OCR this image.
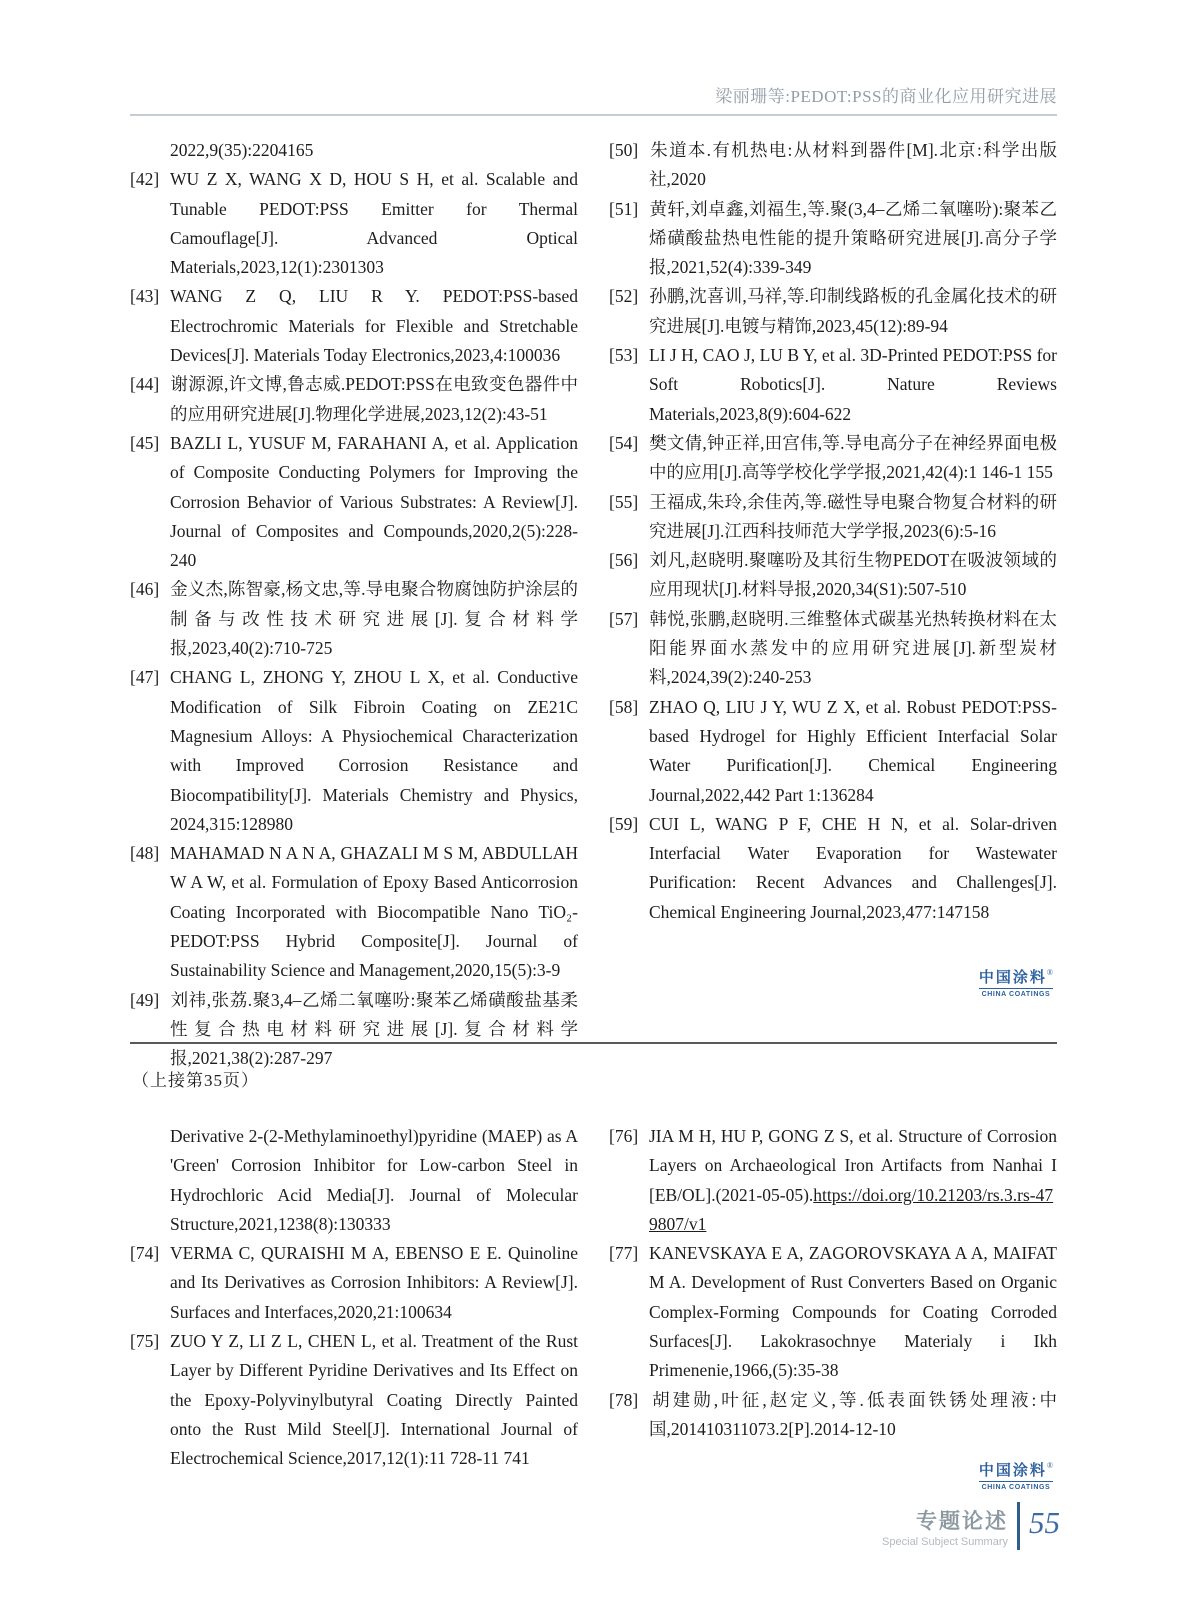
梁丽珊等:PEDOT:PSS的商业化应用研究进展

2022,9(35):2204165

[42] WU Z X, WANG X D, HOU S H, et al. Scalable and Tunable PEDOT:PSS Emitter for Thermal Camouflage[J]. Advanced Optical Materials,2023,12(1):2301303

[43] WANG Z Q, LIU R Y. PEDOT:PSS-based Electrochromic Materials for Flexible and Stretchable Devices[J]. Materials Today Electronics,2023,4:100036

[44] 谢源源,许文博,鲁志威.PEDOT:PSS在电致变色器件中的应用研究进展[J].物理化学进展,2023,12(2):43-51

[45] BAZLI L, YUSUF M, FARAHANI A, et al. Application of Composite Conducting Polymers for Improving the Corrosion Behavior of Various Substrates: A Review[J]. Journal of Composites and Compounds,2020,2(5):228-240

[46] 金义杰,陈智豪,杨文忠,等.导电聚合物腐蚀防护涂层的制备与改性技术研究进展[J].复合材料学报,2023,40(2):710-725

[47] CHANG L, ZHONG Y, ZHOU L X, et al. Conductive Modification of Silk Fibroin Coating on ZE21C Magnesium Alloys: A Physiochemical Characterization with Improved Corrosion Resistance and Biocompatibility[J]. Materials Chemistry and Physics, 2024,315:128980

[48] MAHAMAD N A N A, GHAZALI M S M, ABDULLAH W A W, et al. Formulation of Epoxy Based Anticorrosion Coating Incorporated with Biocompatible Nano TiO₂-PEDOT:PSS Hybrid Composite[J]. Journal of Sustainability Science and Management,2020,15(5):3-9

[49] 刘祎,张荔.聚3,4–乙烯二氧噻吩:聚苯乙烯磺酸盐基柔性复合热电材料研究进展[J].复合材料学报,2021,38(2):287-297

[50] 朱道本.有机热电:从材料到器件[M].北京:科学出版社,2020

[51] 黄轩,刘卓鑫,刘福生,等.聚(3,4–乙烯二氧噻吩):聚苯乙烯磺酸盐热电性能的提升策略研究进展[J].高分子学报,2021,52(4):339-349

[52] 孙鹏,沈喜训,马祥,等.印制线路板的孔金属化技术的研究进展[J].电镀与精饰,2023,45(12):89-94

[53] LI J H, CAO J, LU B Y, et al. 3D-Printed PEDOT:PSS for Soft Robotics[J]. Nature Reviews Materials,2023,8(9):604-622

[54] 樊文倩,钟正祥,田宫伟,等.导电高分子在神经界面电极中的应用[J].高等学校化学学报,2021,42(4):1 146-1 155

[55] 王福成,朱玲,余佳芮,等.磁性导电聚合物复合材料的研究进展[J].江西科技师范大学学报,2023(6):5-16

[56] 刘凡,赵晓明.聚噻吩及其衍生物PEDOT在吸波领域的应用现状[J].材料导报,2020,34(S1):507-510

[57] 韩悦,张鹏,赵晓明.三维整体式碳基光热转换材料在太阳能界面水蒸发中的应用研究进展[J].新型炭材料,2024,39(2):240-253

[58] ZHAO Q, LIU J Y, WU Z X, et al. Robust PEDOT:PSS-based Hydrogel for Highly Efficient Interfacial Solar Water Purification[J]. Chemical Engineering Journal,2022,442 Part 1:136284

[59] CUI L, WANG P F, CHE H N, et al. Solar-driven Interfacial Water Evaporation for Wastewater Purification: Recent Advances and Challenges[J]. Chemical Engineering Journal,2023,477:147158

中国涂料®
CHINA COATINGS
（上接第35页）

Derivative 2-(2-Methylaminoethyl)pyridine (MAEP) as A 'Green' Corrosion Inhibitor for Low-carbon Steel in Hydrochloric Acid Media[J]. Journal of Molecular Structure,2021,1238(8):130333

[74] VERMA C, QURAISHI M A, EBENSO E E. Quinoline and Its Derivatives as Corrosion Inhibitors: A Review[J]. Surfaces and Interfaces,2020,21:100634

[75] ZUO Y Z, LI Z L, CHEN L, et al. Treatment of the Rust Layer by Different Pyridine Derivatives and Its Effect on the Epoxy-Polyvinylbutyral Coating Directly Painted onto the Rust Mild Steel[J]. International Journal of Electrochemical Science,2017,12(1):11 728-11 741

[76] JIA M H, HU P, GONG Z S, et al. Structure of Corrosion Layers on Archaeological Iron Artifacts from Nanhai I [EB/OL].(2021-05-05).https://doi.org/10.21203/rs.3.rs-479807/v1

[77] KANEVSKAYA E A, ZAGOROVSKAYA A A, MAIFAT M A. Development of Rust Converters Based on Organic Complex-Forming Compounds for Coating Corroded Surfaces[J]. Lakokrasochnye Materialy i Ikh Primenenie,1966,(5):35-38

[78] 胡建勋,叶征,赵定义,等.低表面铁锈处理液:中国,201410311073.2[P].2014-12-10

中国涂料®
CHINA COATINGS
专题论述
Special Subject Summary
55
